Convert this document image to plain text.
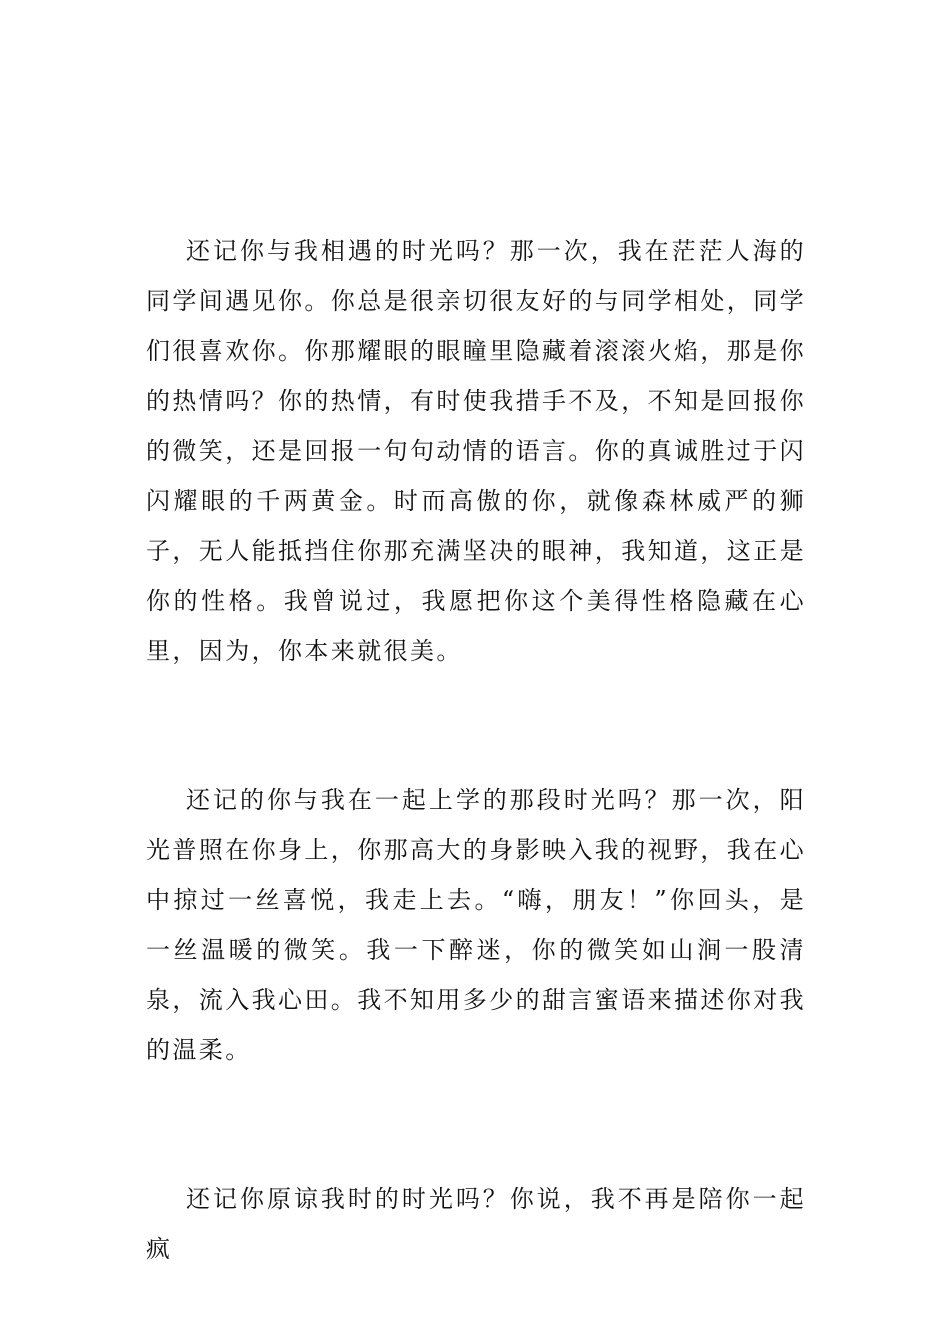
还记你与我相遇的时光吗？那一次，我在茫茫人海的同学间遇见你。你总是很亲切很友好的与同学相处，同学们很喜欢你。你那耀眼的眼瞳里隐藏着滚滚火焰，那是你的热情吗？你的热情，有时使我措手不及，不知是回报你的微笑，还是回报一句句动情的语言。你的真诚胜过于闪闪耀眼的千两黄金。时而高傲的你，就像森林威严的狮子，无人能抵挡住你那充满坚决的眼神，我知道，这正是你的性格。我曾说过，我愿把你这个美得性格隐藏在心里，因为，你本来就很美。

还记的你与我在一起上学的那段时光吗？那一次，阳光普照在你身上，你那高大的身影映入我的视野，我在心中掠过一丝喜悦，我走上去。“嗨，朋友！”你回头，是一丝温暖的微笑。我一下醉迷，你的微笑如山涧一股清泉，流入我心田。我不知用多少的甜言蜜语来描述你对我的温柔。

还记你原谅我时的时光吗？你说，我不再是陪你一起疯
